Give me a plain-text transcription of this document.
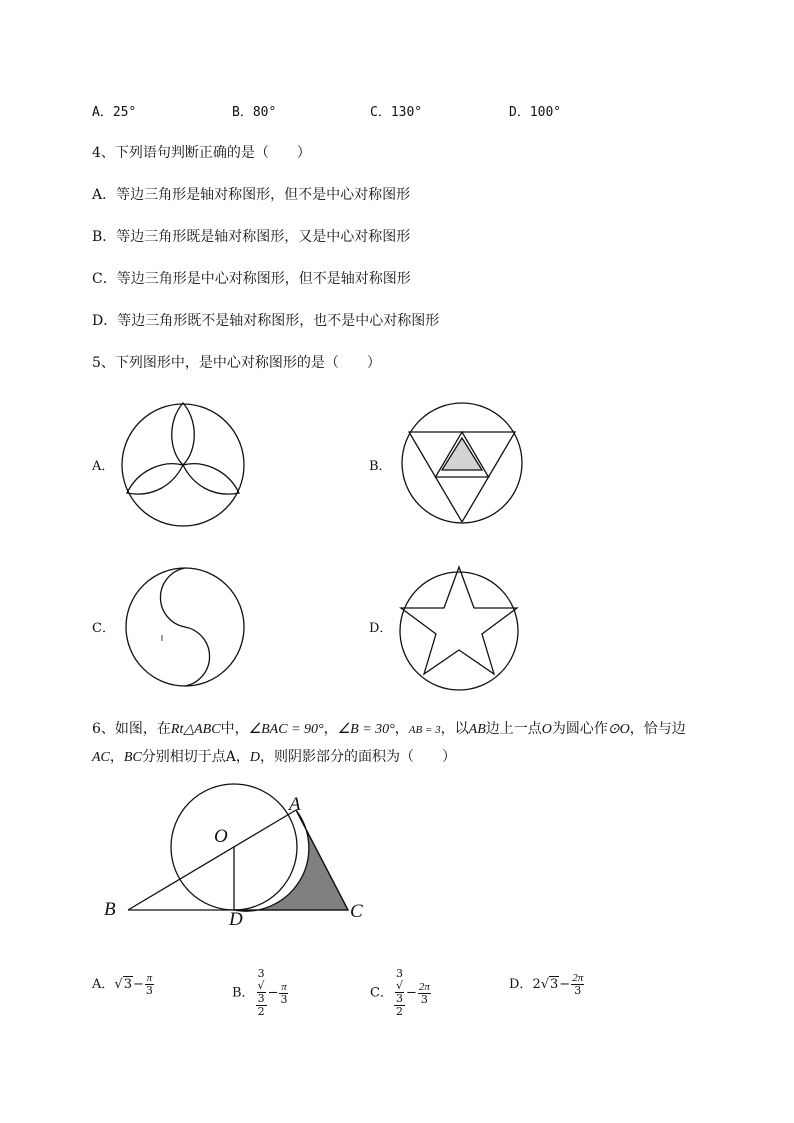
A．25°	B．80°	C．130°	D．100°
4、下列语句判断正确的是（　　）
A．等边三角形是轴对称图形，但不是中心对称图形
B．等边三角形既是轴对称图形，又是中心对称图形
C．等边三角形是中心对称图形，但不是轴对称图形
D．等边三角形既不是轴对称图形，也不是中心对称图形
5、下列图形中，是中心对称图形的是（　　）
A．	B．
C．	D．
6、如图，在Rt△ABC中，∠BAC = 90°，∠B = 30°，AB = 3，以AB边上一点O为圆心作⊙O，恰与边
AC，BC分别相切于点A，D，则阴影部分的面积为（　　）
A
O
B	D	C
A．$√3- \frac{\pi}{3}$	B． 3
√
3
$2 - \frac{\pi}{3}$	C． 3
√
3
$2 - \frac{2\pi}{3}$	D．$2√3- \frac{2\pi}{3}$
